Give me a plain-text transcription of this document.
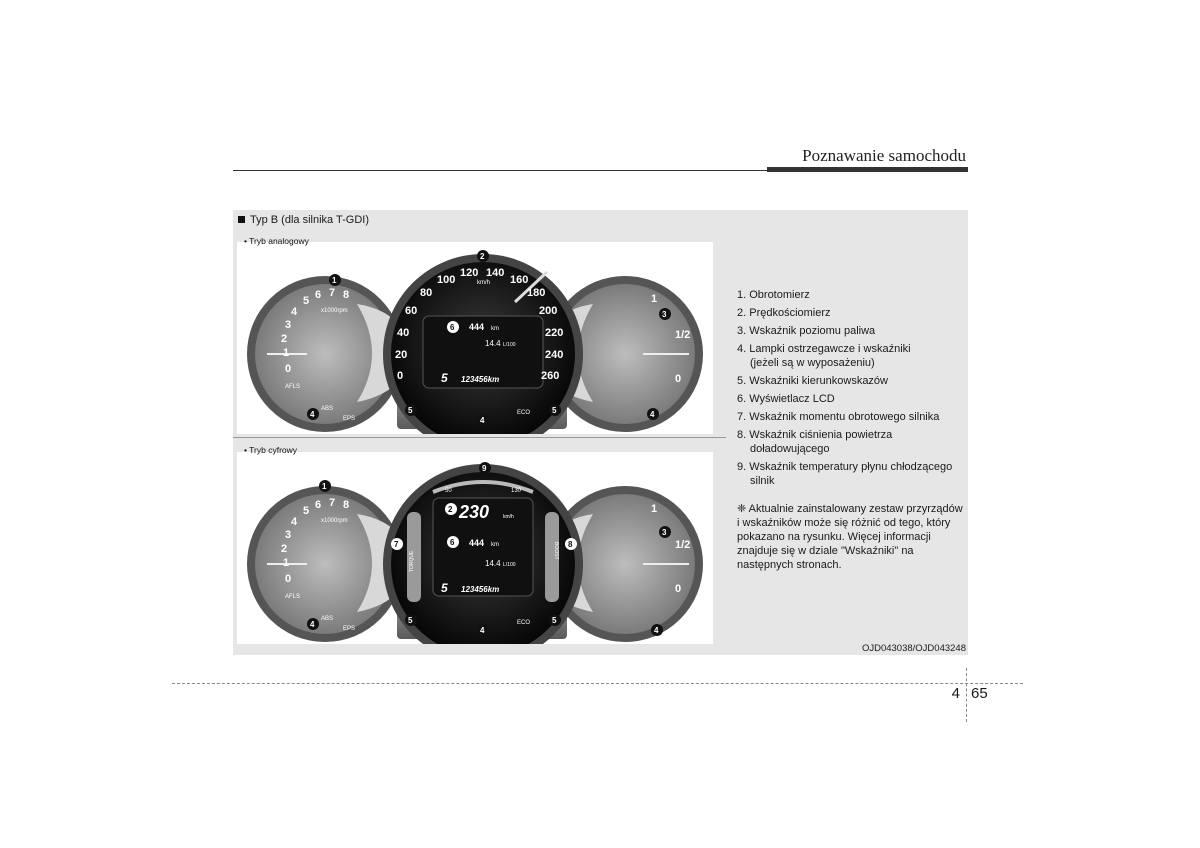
Poznawanie samochodu
Typ B (dla silnika T-GDI)
0
1
2
3
4
5 6 7 8
0
20
40
60
80
100
120 140
160
180
200
220
240
260	0
1/2
1
x1000rpm
km/h
AFLS
EPS
ABS
ECO
444 km
14.4 L/100
5 123456km
1
2
3
4
4
4
5	5
6
• Tryb analogowy
0
1
2
3
4
5 6 7 8
0
1/2
1
x1000rpm
AFLS
EPS
ABS
ECO
50	130
TORQUE	BOOST
230	km/h
444 km
14.4 L/100
5 123456km
1
2
3
4
4	4
5	5
6
7	8
9
• Tryb cyfrowy
1. Obrotomierz
2. Prędkościomierz
3. Wskaźnik poziomu paliwa
4. Lampki ostrzegawcze i wskaźniki
(jeżeli są w wyposażeniu)
5. Wskaźniki kierunkowskazów
6. Wyświetlacz LCD
7. Wskaźnik momentu obrotowego silnika
8. Wskaźnik ciśnienia powietrza
doładowującego
9. Wskaźnik temperatury płynu chłodzącego
silnik
❈ Aktualnie zainstalowany zestaw przyrządów i wskaźników może się różnić od tego, który pokazano na rysunku. Więcej informacji znajduje się w dziale "Wskaźniki" na następnych stronach.
OJD043038/OJD043248
4 65
